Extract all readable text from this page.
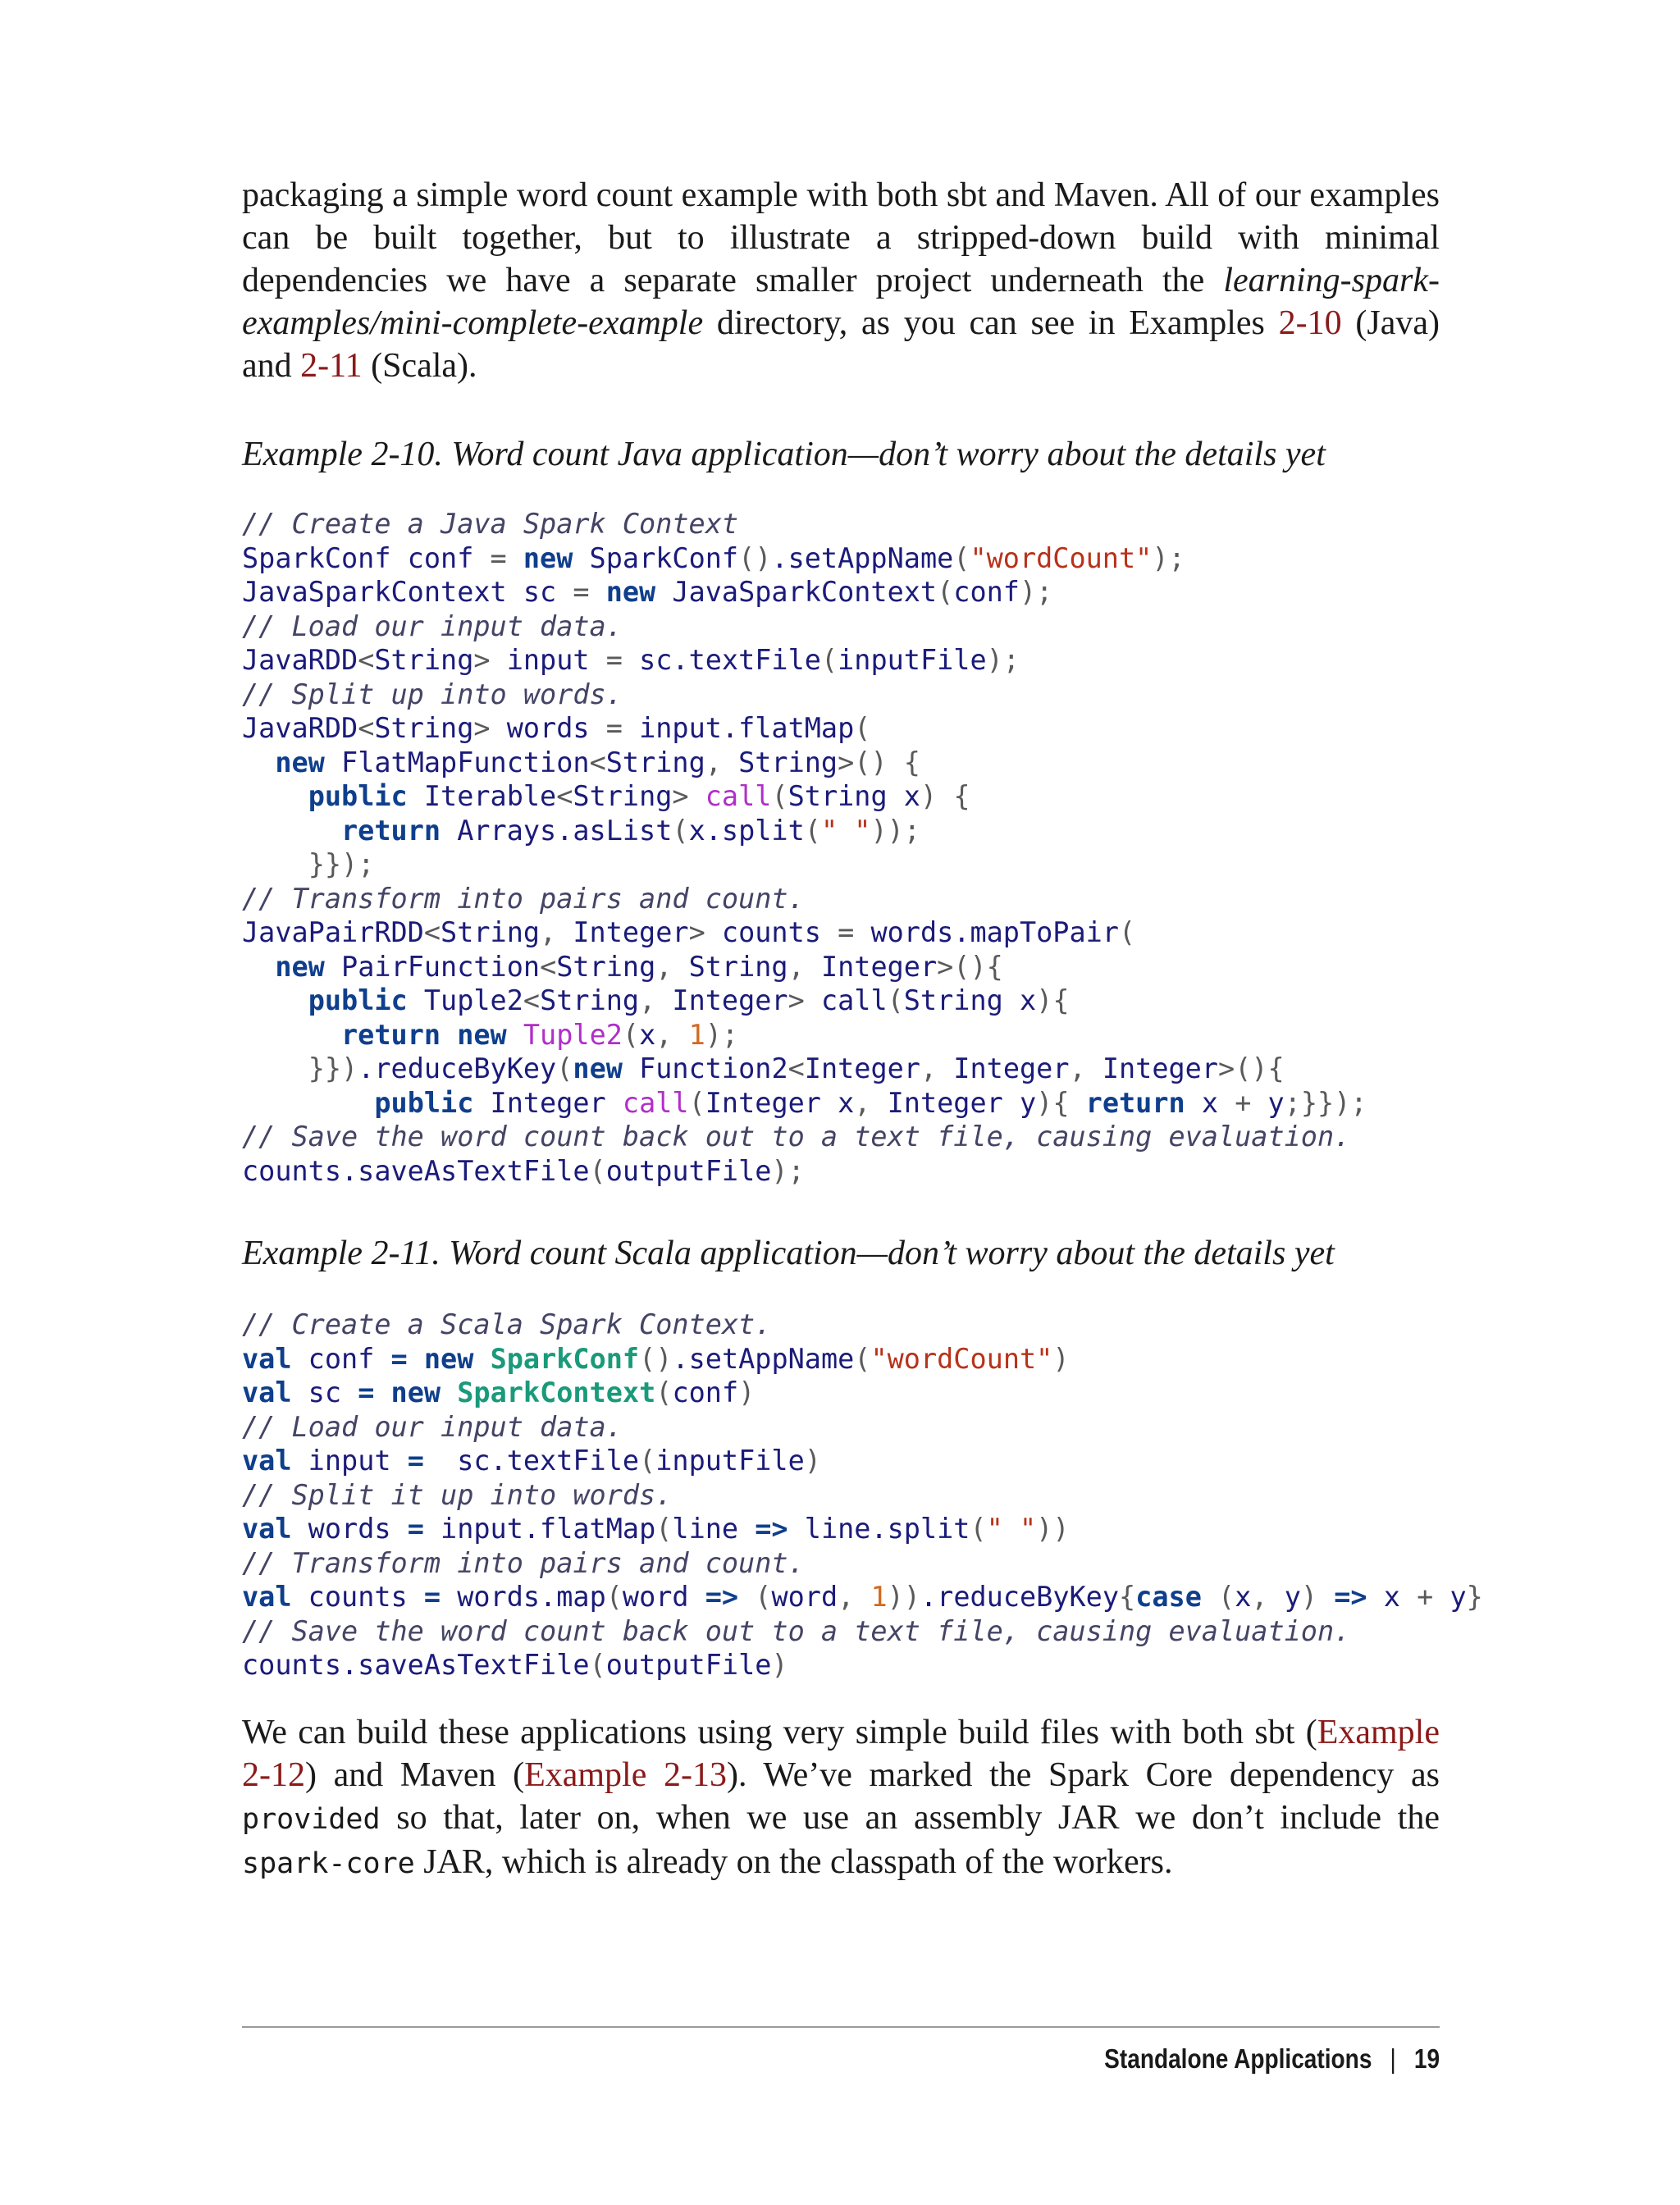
packaging a simple word count example with both sbt and Maven. All of our examples can be built together, but to illustrate a stripped-down build with minimal dependencies we have a separate smaller project underneath the learning-spark-examples/mini-complete-example directory, as you can see in Examples 2-10 (Java) and 2-11 (Scala).

Example 2-10. Word count Java application—don’t worry about the details yet

// Create a Java Spark Context
SparkConf conf = new SparkConf().setAppName("wordCount");
JavaSparkContext sc = new JavaSparkContext(conf);
// Load our input data.
JavaRDD<String> input = sc.textFile(inputFile);
// Split up into words.
JavaRDD<String> words = input.flatMap(
new FlatMapFunction<String, String>() {
public Iterable<String> call(String x) {
return Arrays.asList(x.split(" "));
}});
// Transform into pairs and count.
JavaPairRDD<String, Integer> counts = words.mapToPair(
new PairFunction<String, String, Integer>(){
public Tuple2<String, Integer> call(String x){
return new Tuple2(x, 1);
}}).reduceByKey(new Function2<Integer, Integer, Integer>(){
public Integer call(Integer x, Integer y){ return x + y;}});
// Save the word count back out to a text file, causing evaluation.
counts.saveAsTextFile(outputFile);

Example 2-11. Word count Scala application—don’t worry about the details yet

// Create a Scala Spark Context.
val conf = new SparkConf().setAppName("wordCount")
val sc = new SparkContext(conf)
// Load our input data.
val input =  sc.textFile(inputFile)
// Split it up into words.
val words = input.flatMap(line => line.split(" "))
// Transform into pairs and count.
val counts = words.map(word => (word, 1)).reduceByKey{case (x, y) => x + y}
// Save the word count back out to a text file, causing evaluation.
counts.saveAsTextFile(outputFile)

We can build these applications using very simple build files with both sbt (Example 2-12) and Maven (Example 2-13). We’ve marked the Spark Core dependency as provided so that, later on, when we use an assembly JAR we don’t include the spark-core JAR, which is already on the classpath of the workers.

Standalone Applications | 19
